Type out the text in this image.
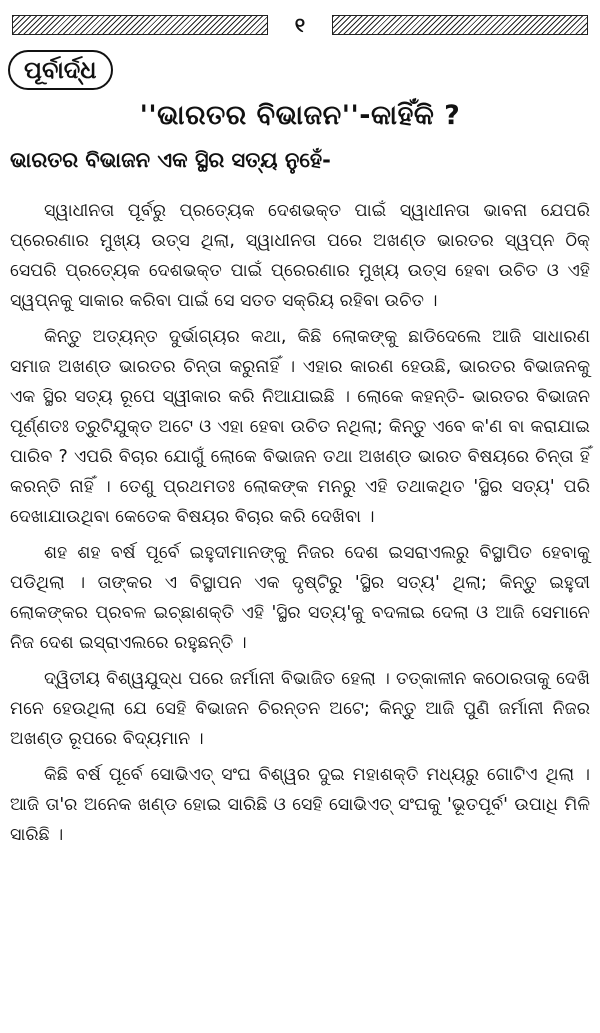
୧
ପୂର୍ବାର୍ଦ୍ଧ
''ଭାରତର ବିଭାଜନ''-କାହିଁକି ?
ଭାରତର ବିଭାଜନ ଏକ ସ୍ଥିର ସତ୍ୟ ନୁହେଁ-

ସ୍ୱାଧୀନତା ପୂର୍ବରୁ ପ୍ରତ୍ୟେକ ଦେଶଭକ୍ତ ପାଇଁ ସ୍ୱାଧୀନତା ଭାବନା ଯେପରି ପ୍ରେରଣାର ମୁଖ୍ୟ ଉତ୍ସ ଥିଲା, ସ୍ୱାଧୀନତା ପରେ ଅଖଣ୍ଡ ଭାରତର ସ୍ୱପ୍ନ ଠିକ୍ ସେପରି ପ୍ରତ୍ୟେକ ଦେଶଭକ୍ତ ପାଇଁ ପ୍ରେରଣାର ମୁଖ୍ୟ ଉତ୍ସ ହେବା ଉଚିତ ଓ ଏହି ସ୍ୱପ୍ନକୁ ସାକାର କରିବା ପାଇଁ ସେ ସତତ ସକ୍ରିୟ ରହିବା ଉଚିତ ।

କିନ୍ତୁ ଅତ୍ୟନ୍ତ ଦୁର୍ଭାଗ୍ୟର କଥା, କିଛି ଲୋକଙ୍କୁ ଛାଡିଦେଲେ ଆଜି ସାଧାରଣ ସମାଜ ଅଖଣ୍ଡ ଭାରତର ଚିନ୍ତା କରୁନାହିଁ । ଏହାର କାରଣ ହେଉଛି, ଭାରତର ବିଭାଜନକୁ ଏକ ସ୍ଥିର ସତ୍ୟ ରୂପେ ସ୍ୱୀକାର କରି ନିଆଯାଇଛି । ଲୋକେ କହନ୍ତି- ଭାରତର ବିଭାଜନ ପୂର୍ଣ୍ଣତଃ ତ୍ରୁଟିଯୁକ୍ତ ଅଟେ ଓ ଏହା ହେବା ଉଚିତ ନଥିଲା; କିନ୍ତୁ ଏବେ କ'ଣ ବା କରାଯାଇ ପାରିବ ? ଏପରି ବିଚାର ଯୋଗୁଁ ଲୋକେ ବିଭାଜନ ତଥା ଅଖଣ୍ଡ ଭାରତ ବିଷୟରେ ଚିନ୍ତା ହିଁ କରନ୍ତି ନାହିଁ । ତେଣୁ ପ୍ରଥମତଃ ଲୋକଙ୍କ ମନରୁ ଏହି ତଥାକଥିତ 'ସ୍ଥିର ସତ୍ୟ' ପରି ଦେଖାଯାଉଥିବା କେତେକ ବିଷୟର ବିଚାର କରି ଦେଖିବା ।

ଶହ ଶହ ବର୍ଷ ପୂର୍ବେ ଇହୁଦୀମାନଙ୍କୁ ନିଜର ଦେଶ ଇସରାଏଲରୁ ବିସ୍ଥାପିତ ହେବାକୁ ପଡିଥିଲା । ତାଙ୍କର ଏ ବିସ୍ଥାପନ ଏକ ଦୃଷ୍ଟିରୁ 'ସ୍ଥିର ସତ୍ୟ' ଥିଲା; କିନ୍ତୁ ଇହୁଦୀ ଲୋକଙ୍କର ପ୍ରବଳ ଇଚ୍ଛାଶକ୍ତି ଏହି 'ସ୍ଥିର ସତ୍ୟ'କୁ ବଦଳାଇ ଦେଲା ଓ ଆଜି ସେମାନେ ନିଜ ଦେଶ ଇସ୍ରାଏଲରେ ରହୁଛନ୍ତି ।

ଦ୍ୱିତୀୟ ବିଶ୍ୱଯୁଦ୍ଧ ପରେ ଜର୍ମାନୀ ବିଭାଜିତ ହେଲା । ତତ୍କାଳୀନ କଠୋରତାକୁ ଦେଖି ମନେ ହେଉଥିଲା ଯେ ସେହି ବିଭାଜନ ଚିରନ୍ତନ ଅଟେ; କିନ୍ତୁ ଆଜି ପୁଣି ଜର୍ମାନୀ ନିଜର ଅଖଣ୍ଡ ରୂପରେ ବିଦ୍ୟମାନ ।

କିଛି ବର୍ଷ ପୂର୍ବେ ସୋଭିଏତ୍ ସଂଘ ବିଶ୍ୱର ଦୁଇ ମହାଶକ୍ତି ମଧ୍ୟରୁ ଗୋଟିଏ ଥିଲା । ଆଜି ତା'ର ଅନେକ ଖଣ୍ଡ ହୋଇ ସାରିଛି ଓ ସେହି ସୋଭିଏତ୍ ସଂଘକୁ 'ଭୂତପୂର୍ବ' ଉପାଧି ମିଳି ସାରିଛି ।
